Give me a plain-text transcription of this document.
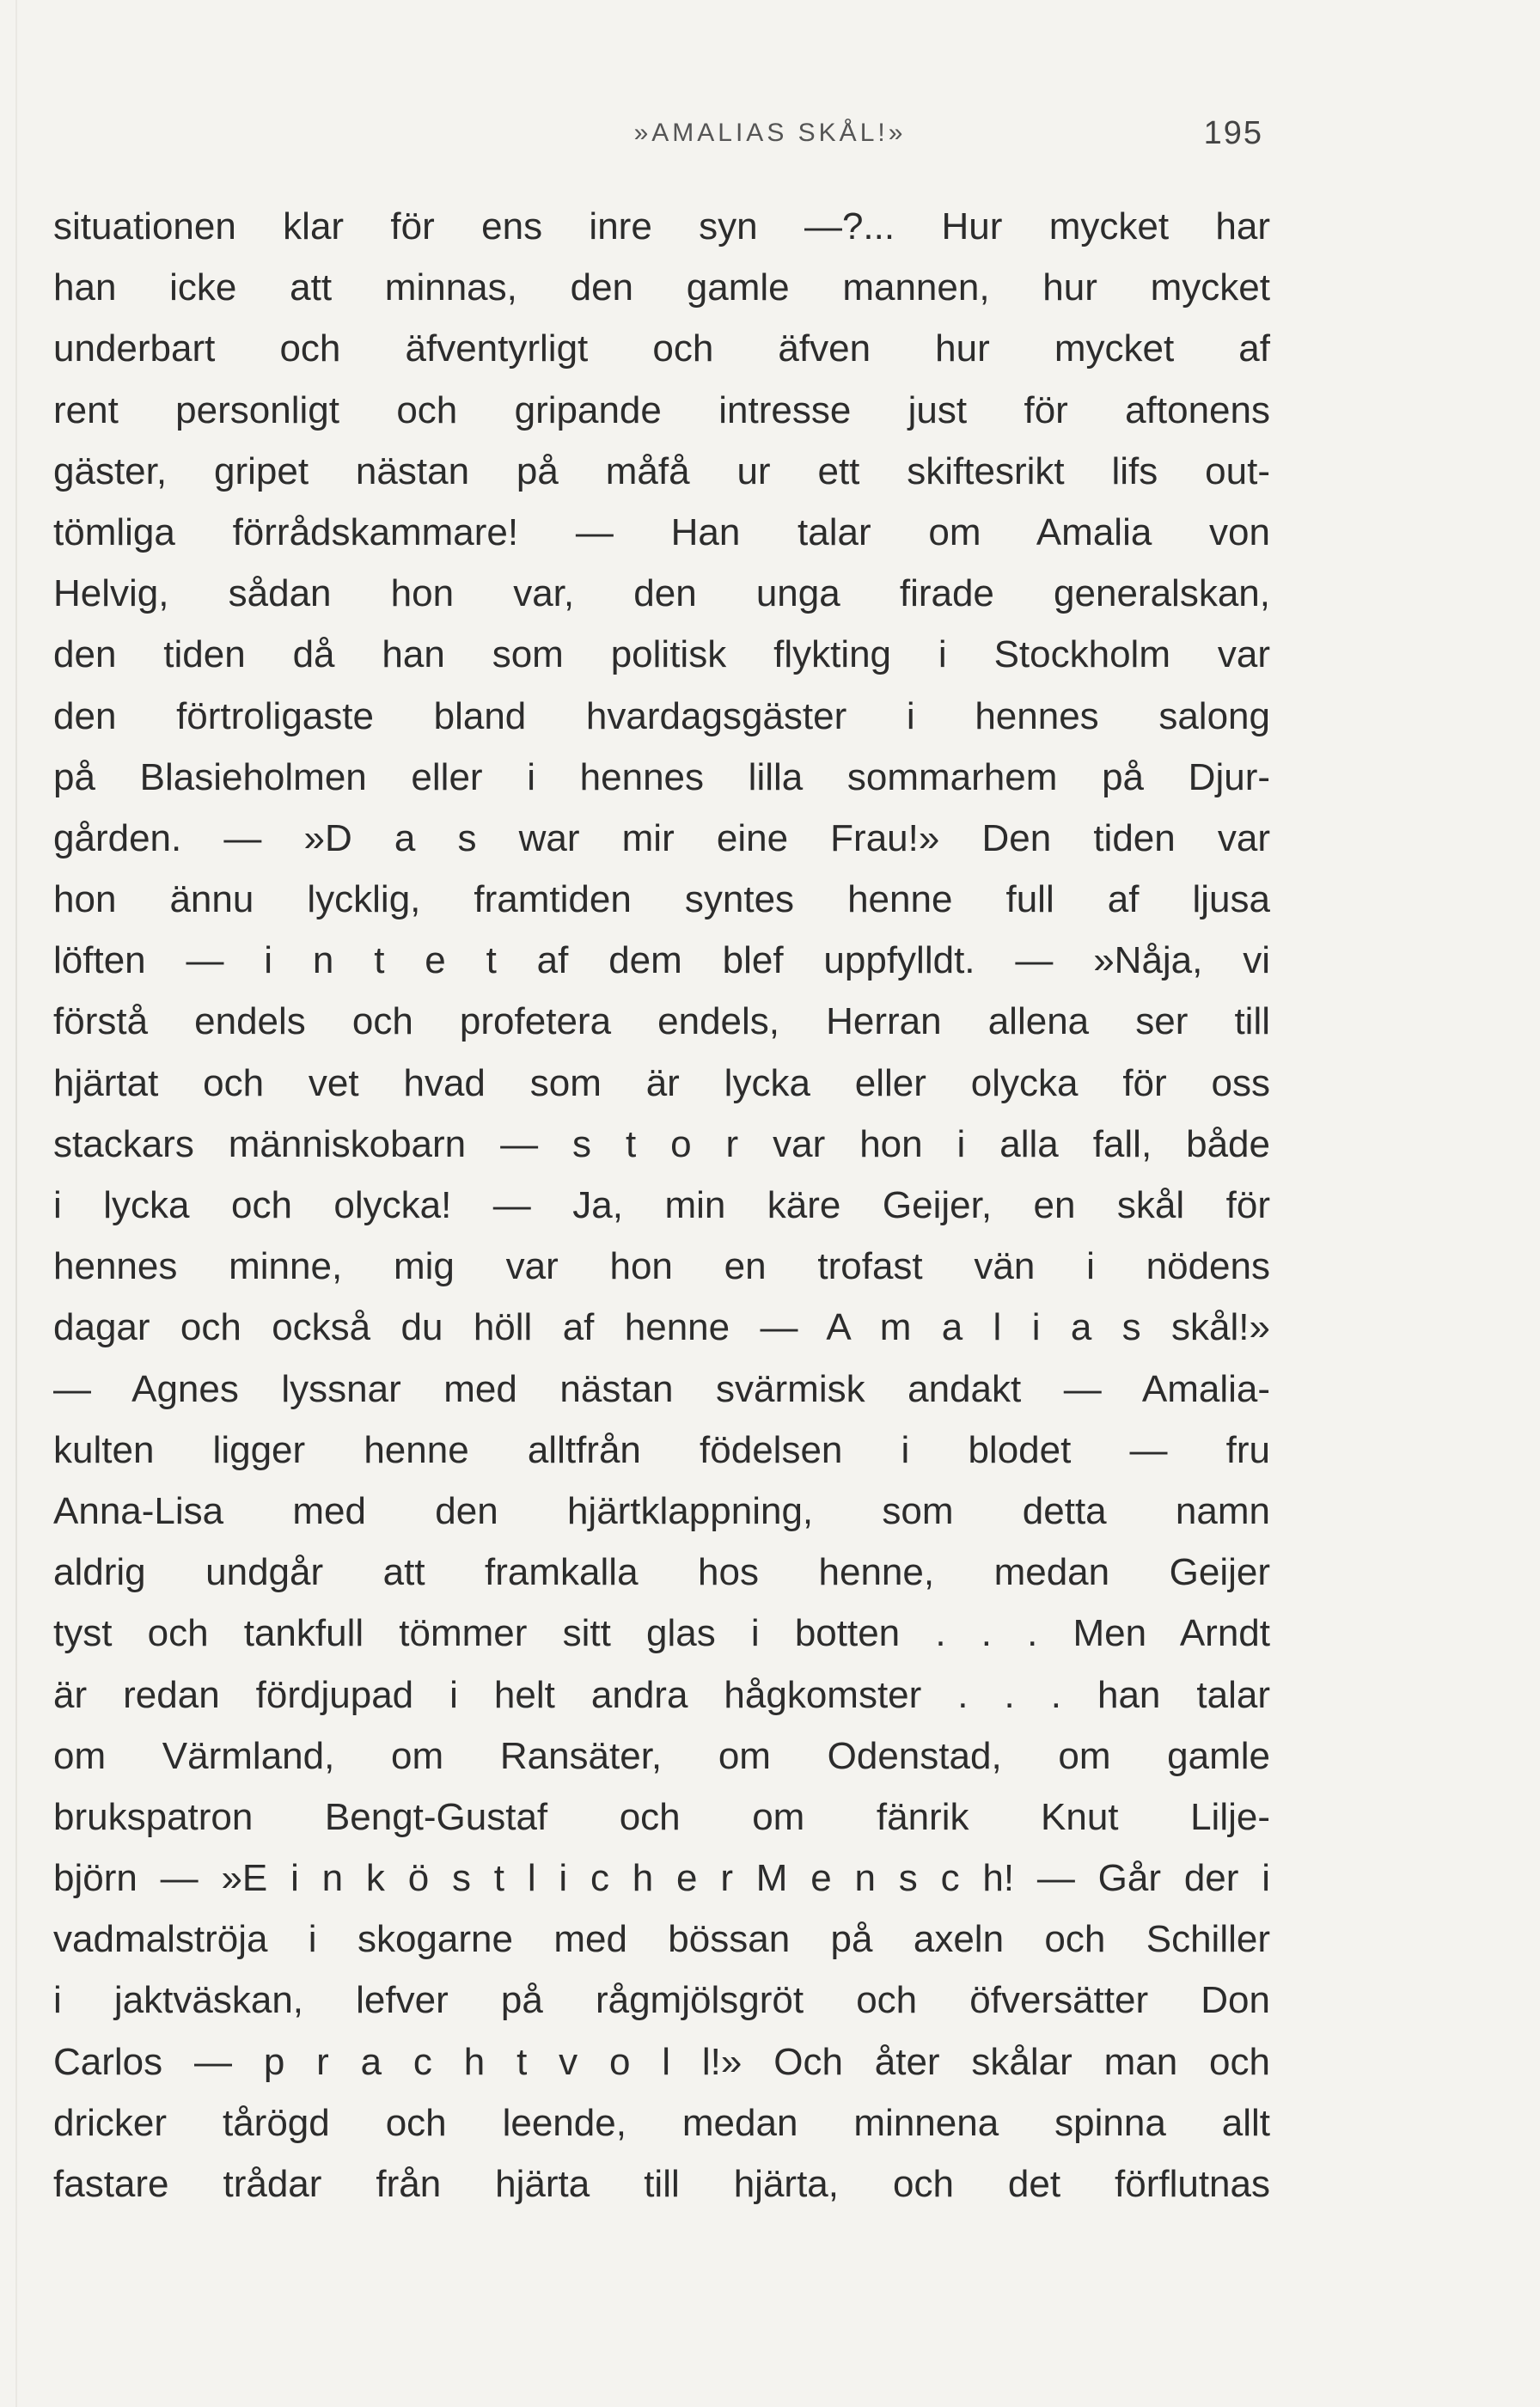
»AMALIAS SKÅL!»	195
situationen klar för ens inre syn —?... Hur mycket har
han icke att minnas, den gamle mannen, hur mycket
underbart och äfventyrligt och äfven hur mycket af
rent personligt och gripande intresse just för aftonens
gäster, gripet nästan på måfå ur ett skiftesrikt lifs out-
tömliga förrådskammare! — Han talar om Amalia von
Helvig, sådan hon var, den unga firade generalskan,
den tiden då han som politisk flykting i Stockholm var
den förtroligaste bland hvardagsgäster i hennes salong
på Blasieholmen eller i hennes lilla sommarhem på Djur-
gården. — »D a s war mir eine Frau!» Den tiden var
hon ännu lycklig, framtiden syntes henne full af ljusa
löften — i n t e t af dem blef uppfylldt. — »Nåja, vi
förstå endels och profetera endels, Herran allena ser till
hjärtat och vet hvad som är lycka eller olycka för oss
stackars människobarn — s t o r var hon i alla fall, både
i lycka och olycka! — Ja, min käre Geijer, en skål för
hennes minne, mig var hon en trofast vän i nödens
dagar och också du höll af henne — A m a l i a s skål!»
— Agnes lyssnar med nästan svärmisk andakt — Amalia-
kulten ligger henne alltfrån födelsen i blodet — fru
Anna-Lisa med den hjärtklappning, som detta namn
aldrig undgår att framkalla hos henne, medan Geijer
tyst och tankfull tömmer sitt glas i botten . . . Men Arndt
är redan fördjupad i helt andra hågkomster . . . han talar
om Värmland, om Ransäter, om Odenstad, om gamle
brukspatron Bengt-Gustaf och om fänrik Knut Lilje-
björn — »E i n k ö s t l i c h e r M e n s c h! — Går der i
vadmalströja i skogarne med bössan på axeln och Schiller
i jaktväskan, lefver på rågmjölsgröt och öfversätter Don
Carlos — p r a c h t v o l l!» Och åter skålar man och
dricker tårögd och leende, medan minnena spinna allt
fastare trådar från hjärta till hjärta, och det förflutnas
